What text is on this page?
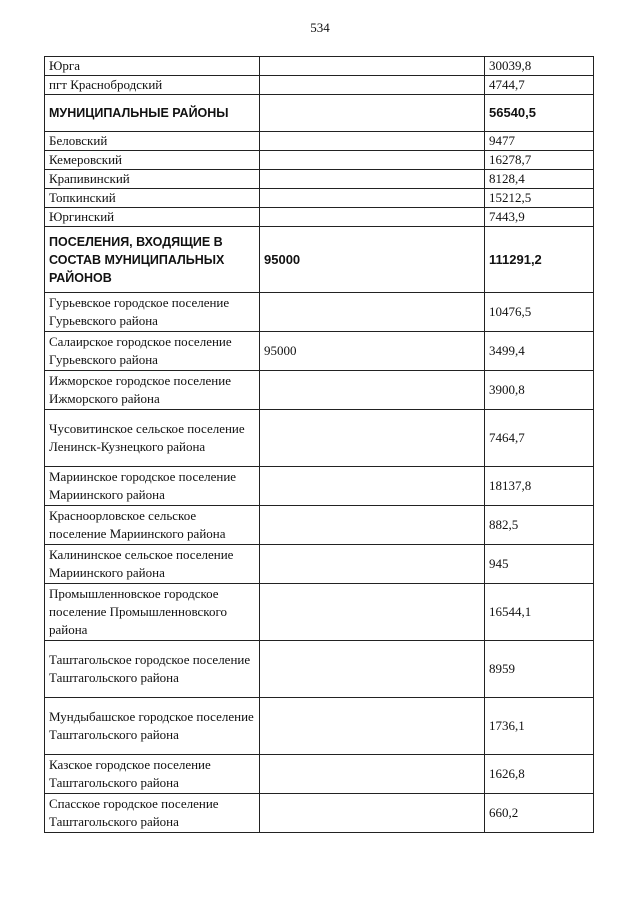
534
Юрга		30039,8
пгт Краснобродский		4744,7
МУНИЦИПАЛЬНЫЕ РАЙОНЫ		56540,5
Беловский		9477
Кемеровский		16278,7
Крапивинский		8128,4
Топкинский		15212,5
Юргинский		7443,9
ПОСЕЛЕНИЯ, ВХОДЯЩИЕ В СОСТАВ МУНИЦИПАЛЬНЫХ РАЙОНОВ	95000	111291,2
Гурьевское городское поселение Гурьевского района		10476,5
Салаирское городское поселение Гурьевского района	95000	3499,4
Ижморское городское поселение Ижморского района		3900,8
Чусовитинское сельское поселение Ленинск-Кузнецкого района		7464,7
Мариинское городское поселение Мариинского района		18137,8
Красноорловское сельское поселение Мариинского района		882,5
Калининское сельское поселение Мариинского района		945
Промышленновское городское поселение Промышленновского района		16544,1
Таштагольское городское поселение Таштагольского района		8959
Мундыбашское городское поселение Таштагольского района		1736,1
Казское городское поселение Таштагольского района		1626,8
Спасское городское поселение Таштагольского района		660,2
